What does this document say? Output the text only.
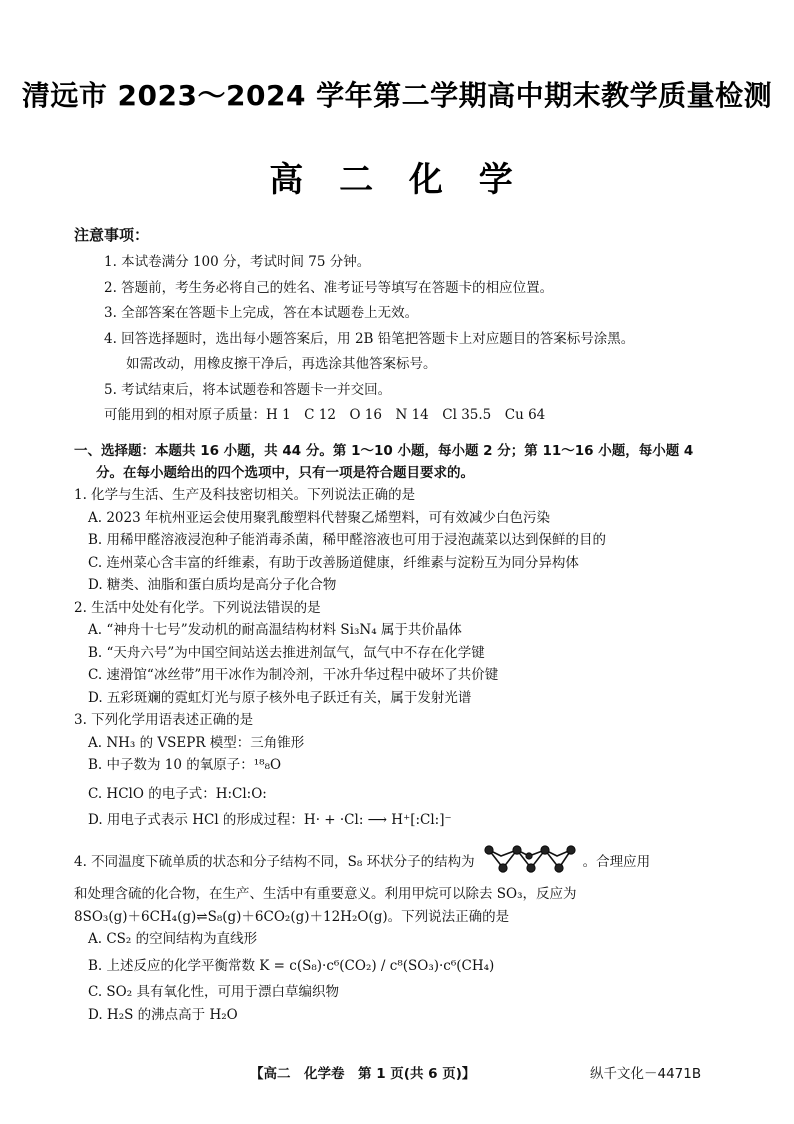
清远市 2023～2024 学年第二学期高中期末教学质量检测
高 二 化 学
注意事项：
1. 本试卷满分 100 分，考试时间 75 分钟。
2. 答题前，考生务必将自己的姓名、准考证号等填写在答题卡的相应位置。
3. 全部答案在答题卡上完成，答在本试题卷上无效。
4. 回答选择题时，选出每小题答案后，用 2B 铅笔把答题卡上对应题目的答案标号涂黑。
如需改动，用橡皮擦干净后，再选涂其他答案标号。
5. 考试结束后，将本试题卷和答题卡一并交回。
可能用到的相对原子质量：H 1　C 12　O 16　N 14　Cl 35.5　Cu 64
一、选择题：本题共 16 小题，共 44 分。第 1～10 小题，每小题 2 分；第 11～16 小题，每小题 4
分。在每小题给出的四个选项中，只有一项是符合题目要求的。
1. 化学与生活、生产及科技密切相关。下列说法正确的是
A. 2023 年杭州亚运会使用聚乳酸塑料代替聚乙烯塑料，可有效减少白色污染
B. 用稀甲醛溶液浸泡种子能消毒杀菌，稀甲醛溶液也可用于浸泡蔬菜以达到保鲜的目的
C. 连州菜心含丰富的纤维素，有助于改善肠道健康，纤维素与淀粉互为同分异构体
D. 糖类、油脂和蛋白质均是高分子化合物
2. 生活中处处有化学。下列说法错误的是
A. “神舟十七号”发动机的耐高温结构材料 Si₃N₄ 属于共价晶体
B. “天舟六号”为中国空间站送去推进剂氙气，氙气中不存在化学键
C. 速滑馆“冰丝带”用干冰作为制冷剂，干冰升华过程中破坏了共价键
D. 五彩斑斓的霓虹灯光与原子核外电子跃迁有关，属于发射光谱
3. 下列化学用语表述正确的是
A. NH₃ 的 VSEPR 模型：三角锥形
B. 中子数为 10 的氧原子：¹⁸₈O
C. HClO 的电子式：H:Cl:O:
D. 用电子式表示 HCl 的形成过程：H· + ·Cl: ⟶ H⁺[:Cl:]⁻
4. 不同温度下硫单质的状态和分子结构不同，S₈ 环状分子的结构为	。合理应用
和处理含硫的化合物，在生产、生活中有重要意义。利用甲烷可以除去 SO₃，反应为
8SO₃(g)＋6CH₄(g)⇌S₈(g)＋6CO₂(g)＋12H₂O(g)。下列说法正确的是
A. CS₂ 的空间结构为直线形
B. 上述反应的化学平衡常数 K = c(S₈)·c⁶(CO₂) / c⁸(SO₃)·c⁶(CH₄)
C. SO₂ 具有氧化性，可用于漂白草编织物
D. H₂S 的沸点高于 H₂O
【高二　化学卷　第 1 页(共 6 页)】	纵千文化－4471B
